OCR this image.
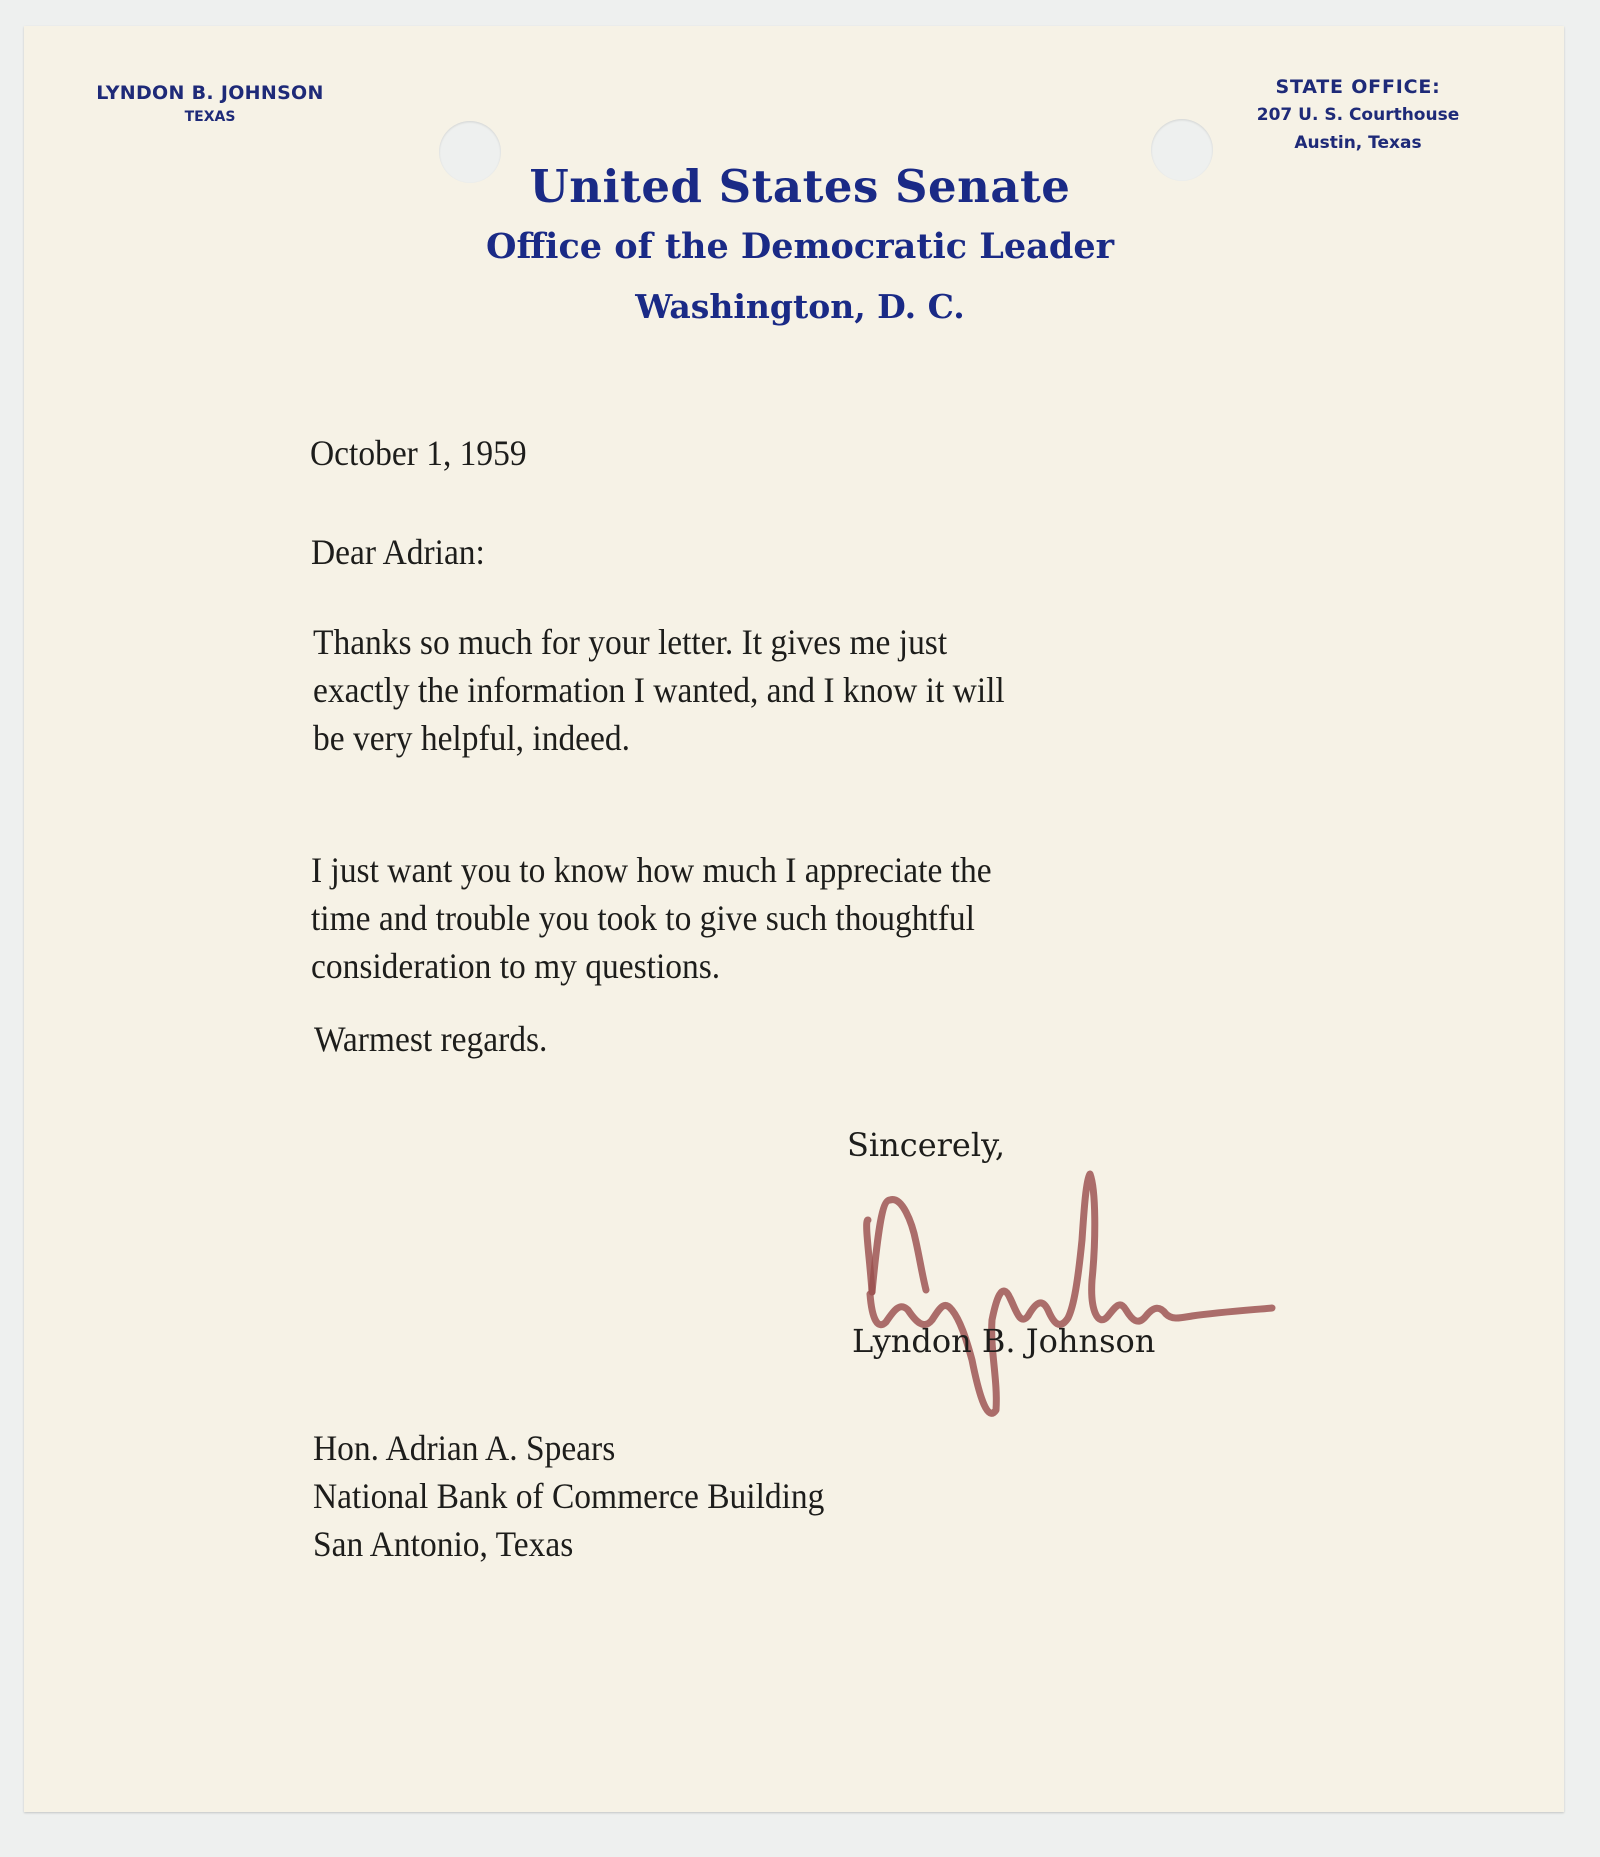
LYNDON B. JOHNSON
TEXAS
United States Senate
Office of the Democratic Leader
Washington, D. C.
STATE OFFICE:
207 U. S. Courthouse
Austin, Texas
October 1, 1959
Dear Adrian:
Thanks so much for your letter. It gives me just
exactly the information I wanted, and I know it will
be very helpful, indeed.
I just want you to know how much I appreciate the
time and trouble you took to give such thoughtful
consideration to my questions.
Warmest regards.
Sincerely,
Lyndon B. Johnson
Hon. Adrian A. Spears
National Bank of Commerce Building
San Antonio, Texas
